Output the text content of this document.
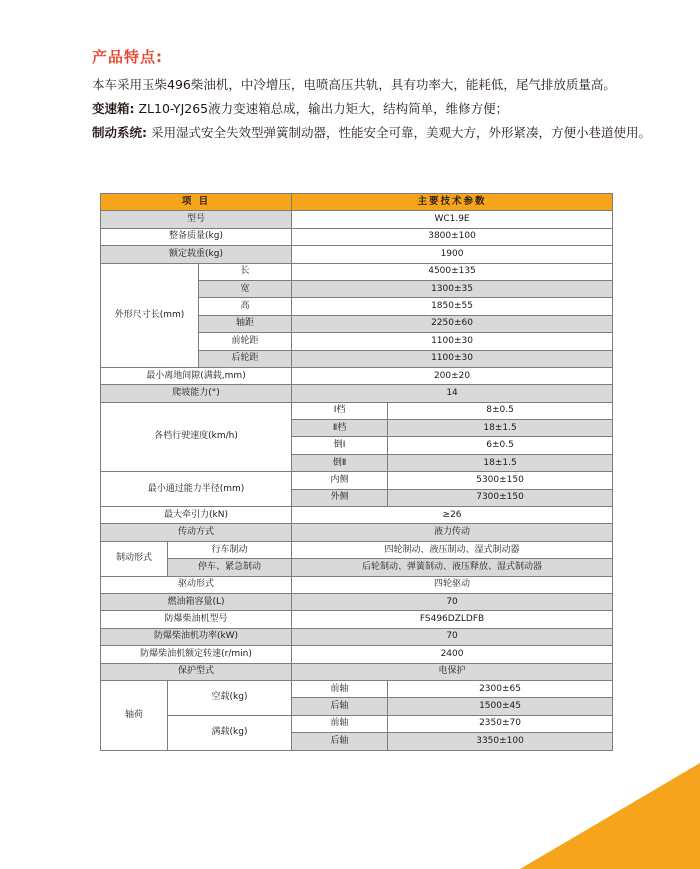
产品特点:

本车采用玉柴496柴油机，中冷增压，电喷高压共轨，具有功率大，能耗低，尾气排放质量高。

变速箱: ZL10-YJ265液力变速箱总成，输出力矩大，结构简单，维修方便；

制动系统: 采用湿式安全失效型弹簧制动器，性能安全可靠，美观大方，外形紧凑，方便小巷道使用。

项 目			主要技术参数	
型号			WC1.9E	
整备质量(kg)			3800±100	
额定载重(kg)			1900	
外形尺寸长(mm)		长	4500±135	
		宽	1300±35	
		高	1850±55	
		轴距	2250±60	
		前轮距	1100±30	
		后轮距	1100±30	
最小离地间隙(满载,mm)			200±20	
爬坡能力(°)			14	
各档行驶速度(km/h)			Ⅰ档	8±0.5
			Ⅱ档	18±1.5
			倒Ⅰ	6±0.5
			倒Ⅱ	18±1.5
最小通过能力半径(mm)			内侧	5300±150
			外侧	7300±150
最大牵引力(kN)			≥26	
传动方式			液力传动	
制动形式	行车制动		四轮制动、液压制动、湿式制动器	
	停车、紧急制动		后轮制动、弹簧制动、液压释放、湿式制动器	
驱动形式			四轮驱动	
燃油箱容量(L)			70	
防爆柴油机型号			FS496DZLDFB	
防爆柴油机功率(kW)			70	
防爆柴油机额定转速(r/min)			2400	
保护型式			电保护	
轴荷	空载(kg)		前轴	2300±65
			后轴	1500±45
	满载(kg)		前轴	2350±70
			后轴	3350±100
